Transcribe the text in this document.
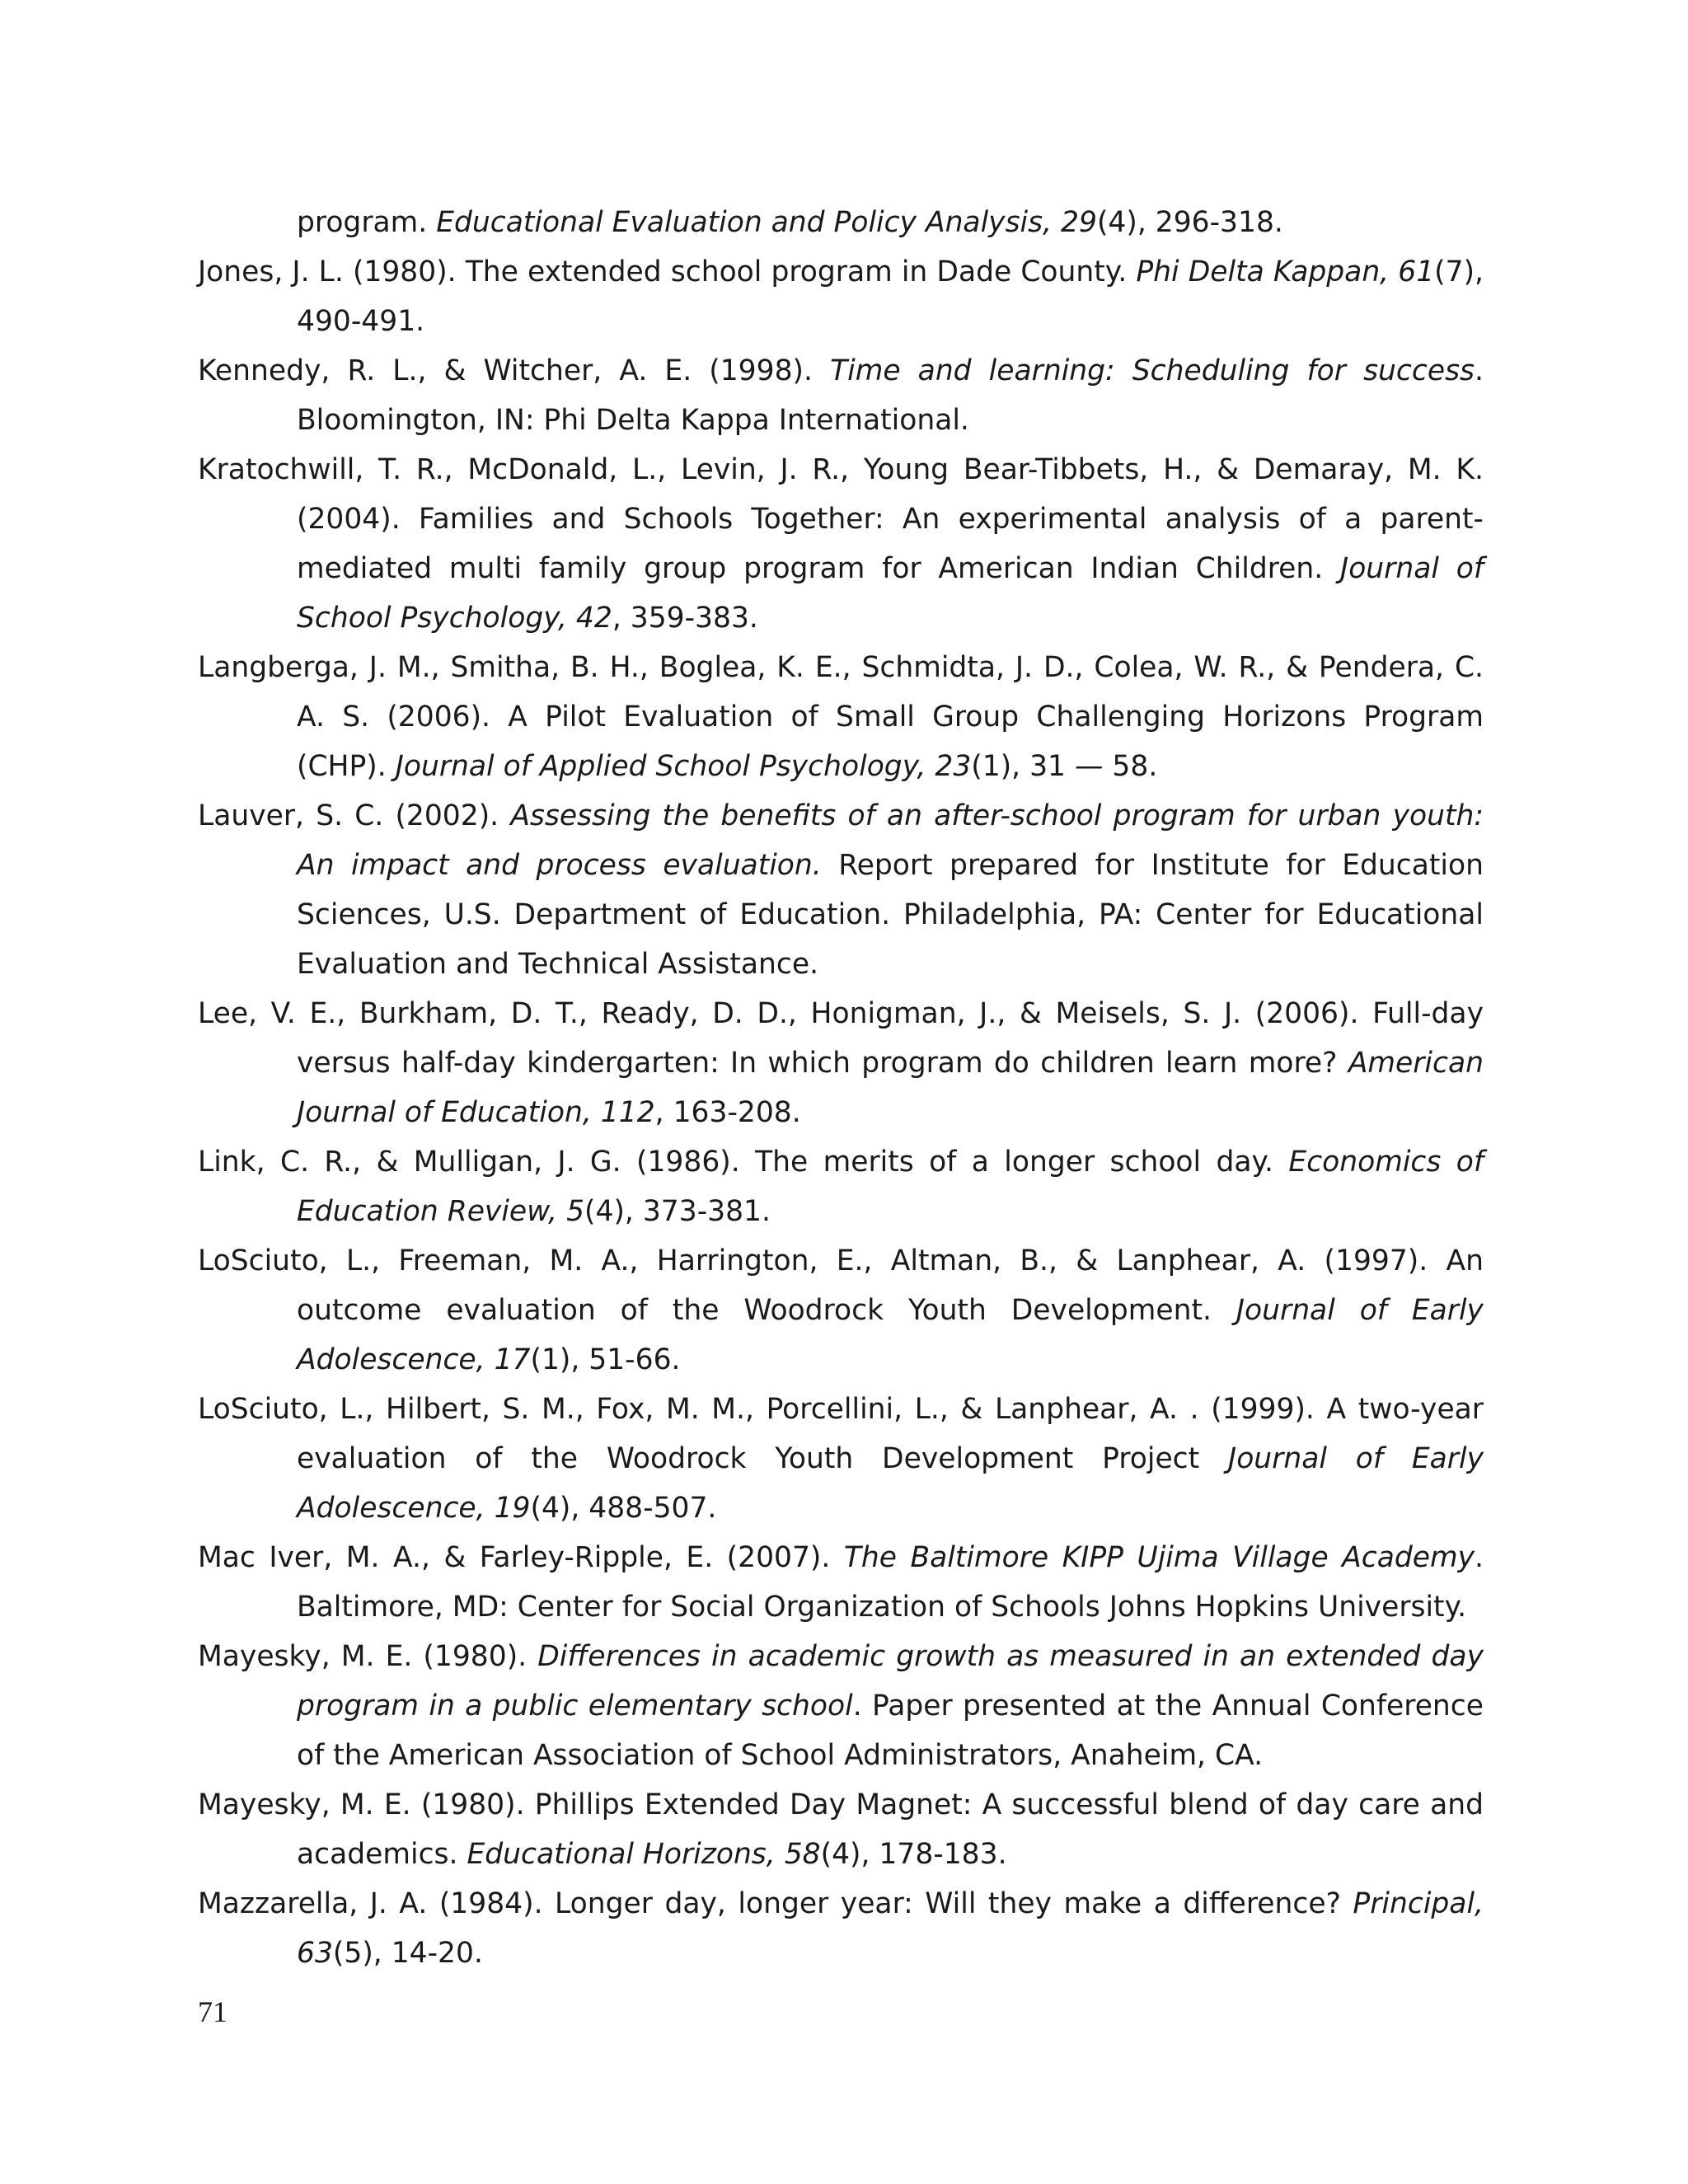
program. Educational Evaluation and Policy Analysis, 29(4), 296-318.

Jones, J. L. (1980). The extended school program in Dade County. Phi Delta Kappan, 61(7), 490-491.

Kennedy, R. L., & Witcher, A. E. (1998). Time and learning: Scheduling for success. Bloomington, IN: Phi Delta Kappa International.

Kratochwill, T. R., McDonald, L., Levin, J. R., Young Bear-Tibbets, H., & Demaray, M. K. (2004). Families and Schools Together: An experimental analysis of a parent-mediated multi family group program for American Indian Children. Journal of School Psychology, 42, 359-383.

Langberga, J. M., Smitha, B. H., Boglea, K. E., Schmidta, J. D., Colea, W. R., & Pendera, C. A. S. (2006). A Pilot Evaluation of Small Group Challenging Horizons Program (CHP). Journal of Applied School Psychology, 23(1), 31 — 58.

Lauver, S. C. (2002). Assessing the benefits of an after-school program for urban youth: An impact and process evaluation. Report prepared for Institute for Education Sciences, U.S. Department of Education. Philadelphia, PA: Center for Educational Evaluation and Technical Assistance.

Lee, V. E., Burkham, D. T., Ready, D. D., Honigman, J., & Meisels, S. J. (2006). Full-day versus half-day kindergarten: In which program do children learn more? American Journal of Education, 112, 163-208.

Link, C. R., & Mulligan, J. G. (1986). The merits of a longer school day. Economics of Education Review, 5(4), 373-381.

LoSciuto, L., Freeman, M. A., Harrington, E., Altman, B., & Lanphear, A. (1997). An outcome evaluation of the Woodrock Youth Development. Journal of Early Adolescence, 17(1), 51-66.

LoSciuto, L., Hilbert, S. M., Fox, M. M., Porcellini, L., & Lanphear, A. . (1999). A two-year evaluation of the Woodrock Youth Development Project Journal of Early Adolescence, 19(4), 488-507.

Mac Iver, M. A., & Farley-Ripple, E. (2007). The Baltimore KIPP Ujima Village Academy. Baltimore, MD: Center for Social Organization of Schools Johns Hopkins University.

Mayesky, M. E. (1980). Differences in academic growth as measured in an extended day program in a public elementary school. Paper presented at the Annual Conference of the American Association of School Administrators, Anaheim, CA.

Mayesky, M. E. (1980). Phillips Extended Day Magnet: A successful blend of day care and academics. Educational Horizons, 58(4), 178-183.

Mazzarella, J. A. (1984). Longer day, longer year: Will they make a difference? Principal, 63(5), 14-20.

71
